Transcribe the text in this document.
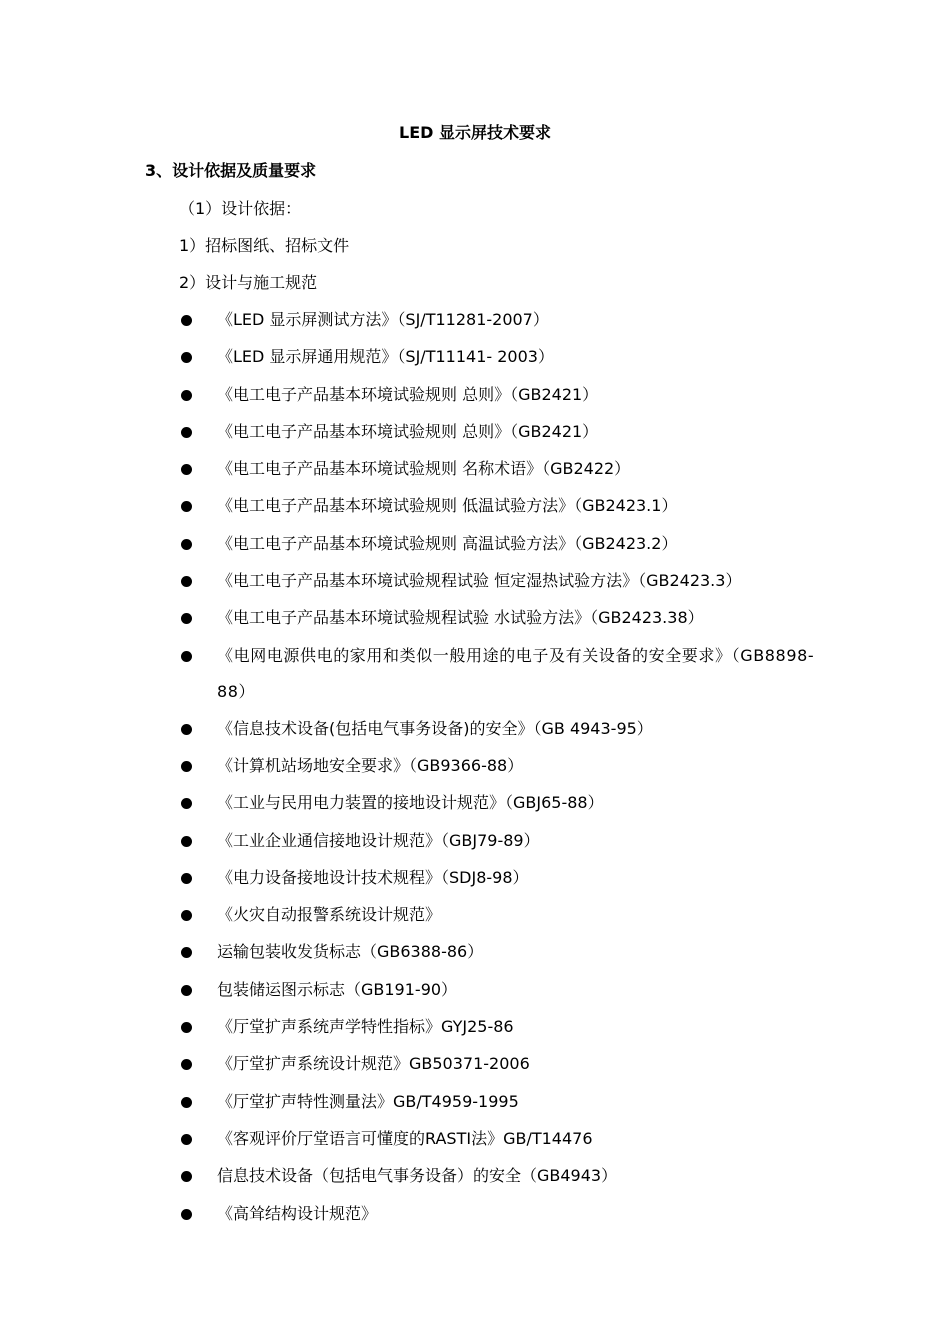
LED 显示屏技术要求
3、设计依据及质量要求
（1）设计依据：
1）招标图纸、招标文件
2）设计与施工规范
《LED 显示屏测试方法》（SJ/T11281-2007）
《LED 显示屏通用规范》（SJ/T11141- 2003）
《电工电子产品基本环境试验规则 总则》（GB2421）
《电工电子产品基本环境试验规则 总则》（GB2421）
《电工电子产品基本环境试验规则 名称术语》（GB2422）
《电工电子产品基本环境试验规则 低温试验方法》（GB2423.1）
《电工电子产品基本环境试验规则 高温试验方法》（GB2423.2）
《电工电子产品基本环境试验规程试验 恒定湿热试验方法》（GB2423.3）
《电工电子产品基本环境试验规程试验 水试验方法》（GB2423.38）
《电网电源供电的家用和类似一般用途的电子及有关设备的安全要求》（GB8898-88）
《信息技术设备(包括电气事务设备)的安全》（GB 4943-95）
《计算机站场地安全要求》（GB9366-88）
《工业与民用电力装置的接地设计规范》（GBJ65-88）
《工业企业通信接地设计规范》（GBJ79-89）
《电力设备接地设计技术规程》（SDJ8-98）
《火灾自动报警系统设计规范》
运输包装收发货标志（GB6388-86）
包装储运图示标志（GB191-90）
《厅堂扩声系统声学特性指标》GYJ25-86
《厅堂扩声系统设计规范》GB50371-2006
《厅堂扩声特性测量法》GB/T4959-1995
《客观评价厅堂语言可懂度的RASTI法》GB/T14476
信息技术设备（包括电气事务设备）的安全（GB4943）
《高耸结构设计规范》
